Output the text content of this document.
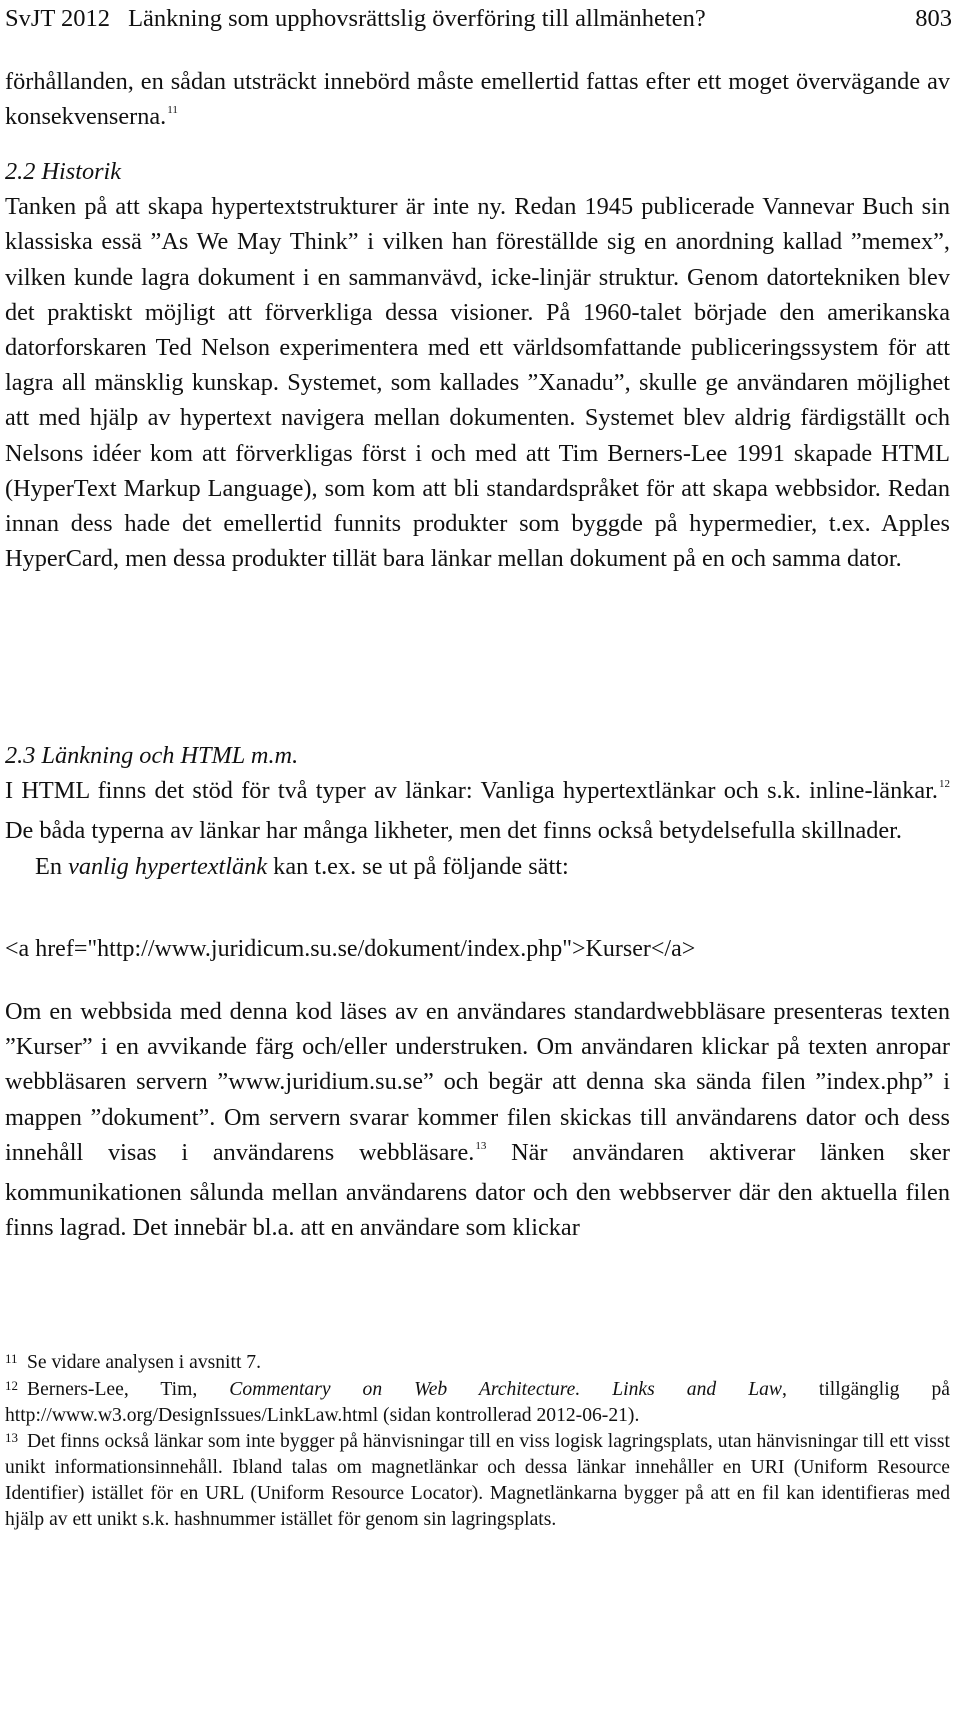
SvJT 2012 Länkning som upphovsrättslig överföring till allmänheten?	803

förhållanden, en sådan utsträckt innebörd måste emellertid fattas efter ett moget övervägande av konsekvenserna.$^{11}$

2.2 Historik

Tanken på att skapa hypertextstrukturer är inte ny. Redan 1945 publicerade Vannevar Buch sin klassiska essä ”As We May Think” i vilken han föreställde sig en anordning kallad ”memex”, vilken kunde lagra dokument i en sammanvävd, icke-linjär struktur. Genom datortekniken blev det praktiskt möjligt att förverkliga dessa visioner. På 1960-talet började den amerikanska datorforskaren Ted Nelson experimentera med ett världsomfattande publiceringssystem för att lagra all mänsklig kunskap. Systemet, som kallades ”Xanadu”, skulle ge användaren möjlighet att med hjälp av hypertext navigera mellan dokumenten. Systemet blev aldrig färdigställt och Nelsons idéer kom att förverkligas först i och med att Tim Berners-Lee 1991 skapade HTML (HyperText Markup Language), som kom att bli standardspråket för att skapa webbsidor. Redan innan dess hade det emellertid funnits produkter som byggde på hypermedier, t.ex. Apples HyperCard, men dessa produkter tillät bara länkar mellan dokument på en och samma dator.

2.3 Länkning och HTML m.m.

I HTML finns det stöd för två typer av länkar: Vanliga hypertextlänkar och s.k. inline-länkar.$^{12}$ De båda typerna av länkar har många likheter, men det finns också betydelsefulla skillnader.

En vanlig hypertextlänk kan t.ex. se ut på följande sätt:

<a href="http://www.juridicum.su.se/dokument/index.php">Kurser</a>

Om en webbsida med denna kod läses av en användares standardwebbläsare presenteras texten ”Kurser” i en avvikande färg och/eller understruken. Om användaren klickar på texten anropar webbläsaren servern ”www.juridium.su.se” och begär att denna ska sända filen ”index.php” i mappen ”dokument”. Om servern svarar kommer filen skickas till användarens dator och dess innehåll visas i användarens webbläsare.$^{13}$ När användaren aktiverar länken sker kommunikationen sålunda mellan användarens dator och den webbserver där den aktuella filen finns lagrad. Det innebär bl.a. att en användare som klickar

11 Se vidare analysen i avsnitt 7.

12 Berners-Lee, Tim, Commentary on Web Architecture. Links and Law, tillgänglig på http://www.w3.org/DesignIssues/LinkLaw.html (sidan kontrollerad 2012-06-21).

13 Det finns också länkar som inte bygger på hänvisningar till en viss logisk lagringsplats, utan hänvisningar till ett visst unikt informationsinnehåll. Ibland talas om magnetlänkar och dessa länkar innehåller en URI (Uniform Resource Identifier) istället för en URL (Uniform Resource Locator). Magnetlänkarna bygger på att en fil kan identifieras med hjälp av ett unikt s.k. hashnummer istället för genom sin lagringsplats.
